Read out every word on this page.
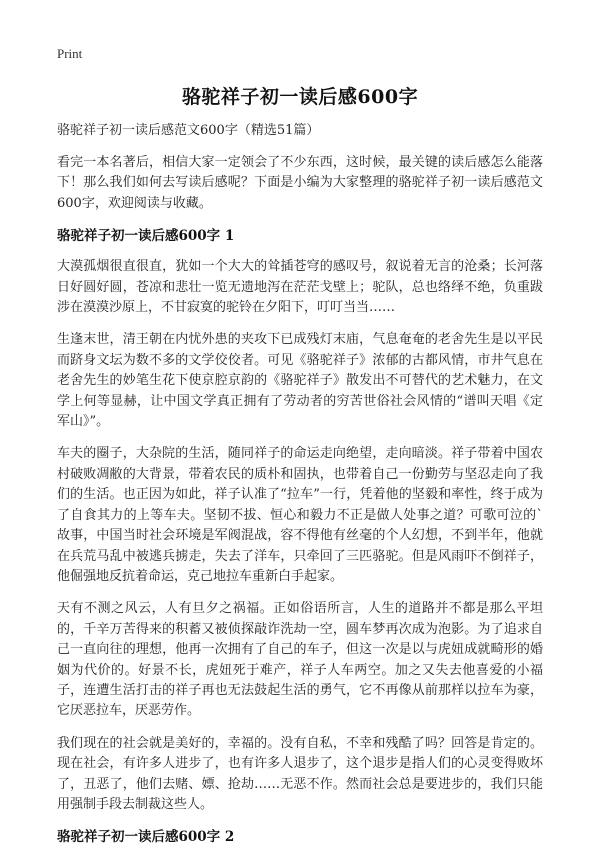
Print
骆驼祥子初一读后感600字

骆驼祥子初一读后感范文600字（精选51篇）

看完一本名著后，相信大家一定领会了不少东西，这时候，最关键的读后感怎么能落下！那么我们如何去写读后感呢？下面是小编为大家整理的骆驼祥子初一读后感范文600字，欢迎阅读与收藏。

骆驼祥子初一读后感600字 1

大漠孤烟很直很直，犹如一个大大的耸插苍穹的感叹号，叙说着无言的沧桑；长河落日好圆好圆，苍凉和悲壮一览无遗地泻在茫茫戈壁上；驼队，总也络绎不绝，负重跋涉在漠漠沙原上，不甘寂寞的驼铃在夕阳下，叮叮当当……

生逢末世，清王朝在内忧外患的夹攻下已成残灯末庙，气息奄奄的老舍先生是以平民而跻身文坛为数不多的文学佼佼者。可见《骆驼祥子》浓郁的古都风情，市井气息在老舍先生的妙笔生花下使京腔京韵的《骆驼祥子》散发出不可替代的艺术魅力，在文学上何等显赫，让中国文学真正拥有了劳动者的穷苦世俗社会风情的“谱叫天唱《定军山》”。

车夫的圈子，大杂院的生活，随同祥子的命运走向绝望，走向暗淡。祥子带着中国农村破败凋敝的大背景，带着农民的质朴和固执，也带着自己一份勤劳与坚忍走向了我们的生活。也正因为如此，祥子认准了“拉车”一行，凭着他的坚毅和率性，终于成为了自食其力的上等车夫。坚韧不拔、恒心和毅力不正是做人处事之道？可歌可泣的`故事，中国当时社会环境是军阀混战，容不得他有丝毫的个人幻想，不到半年，他就在兵荒马乱中被逃兵掳走，失去了洋车，只牵回了三匹骆驼。但是风雨吓不倒祥子，他倔强地反抗着命运，克己地拉车重新白手起家。

天有不测之风云，人有旦夕之祸福。正如俗语所言，人生的道路并不都是那么平坦的，千辛万苦得来的积蓄又被侦探敲诈洗劫一空，圆车梦再次成为泡影。为了追求自己一直向往的理想，他再一次拥有了自己的车子，但这一次是以与虎妞成就畸形的婚姻为代价的。好景不长，虎妞死于难产，祥子人车两空。加之又失去他喜爱的小福子，连遭生活打击的祥子再也无法鼓起生活的勇气，它不再像从前那样以拉车为豪，它厌恶拉车，厌恶劳作。

我们现在的社会就是美好的，幸福的。没有自私，不幸和残酷了吗？回答是肯定的。现在社会，有许多人进步了，也有许多人退步了，这个退步是指人们的心灵变得败坏了，丑恶了，他们去赌、嫖、抢劫……无恶不作。然而社会总是要进步的，我们只能用强制手段去制裁这些人。

骆驼祥子初一读后感600字 2
